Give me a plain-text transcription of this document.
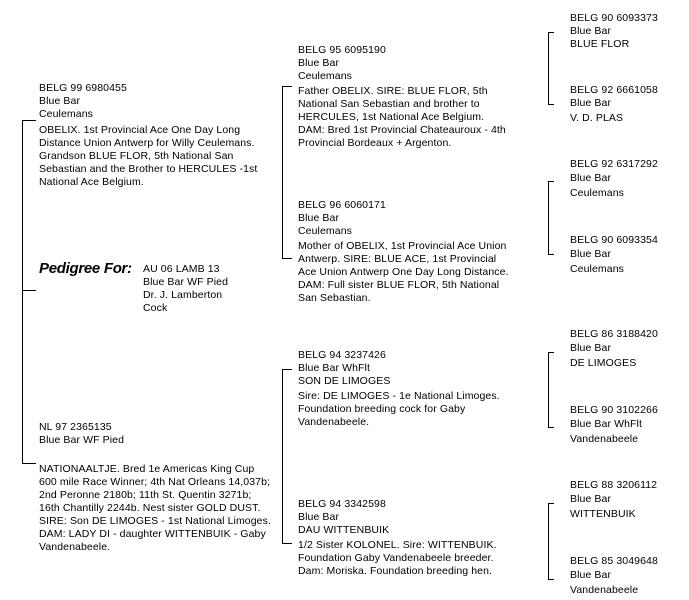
Pedigree For: AU 06 LAMB 13
Blue Bar WF Pied
Dr. J. Lamberton
Cock
BELG 99 6980455
Blue Bar
Ceulemans
OBELIX. 1st Provincial Ace One Day Long
Distance Union Antwerp for Willy Ceulemans.
Grandson BLUE FLOR, 5th National San
Sebastian and the Brother to HERCULES -1st
National Ace Belgium.
NL 97 2365135
Blue Bar WF Pied
NATIONAALTJE. Bred 1e Americas King Cup
600 mile Race Winner; 4th Nat Orleans 14,037b;
2nd Peronne 2180b; 11th St. Quentin 3271b;
16th Chantilly 2244b. Nest sister GOLD DUST.
SIRE: Son DE LIMOGES - 1st National Limoges.
DAM: LADY DI - daughter WITTENBUIK - Gaby
Vandenabeele.
BELG 95 6095190
Blue Bar
Ceulemans
Father OBELIX. SIRE: BLUE FLOR, 5th
National San Sebastian and brother to
HERCULES, 1st National Ace Belgium.
DAM: Bred 1st Provincial Chateauroux - 4th
Provincial Bordeaux + Argenton.
BELG 96 6060171
Blue Bar
Ceulemans
Mother of OBELIX, 1st Provincial Ace Union
Antwerp. SIRE: BLUE ACE, 1st Provincial
Ace Union Antwerp One Day Long Distance.
DAM: Full sister BLUE FLOR, 5th National
San Sebastian.
BELG 94 3237426
Blue Bar WhFlt
SON DE LIMOGES
Sire: DE LIMOGES - 1e National Limoges.
Foundation breeding cock for Gaby
Vandenabeele.
BELG 94 3342598
Blue Bar
DAU WITTENBUIK
1/2 Sister KOLONEL. Sire: WITTENBUIK.
Foundation Gaby Vandenabeele breeder.
Dam: Moriska. Foundation breeding hen.
BELG 90 6093373
Blue Bar
BLUE FLOR
BELG 92 6661058
Blue Bar
V. D. PLAS
BELG 92 6317292
Blue Bar
Ceulemans
BELG 90 6093354
Blue Bar
Ceulemans
BELG 86 3188420
Blue Bar
DE LIMOGES
BELG 90 3102266
Blue Bar WhFlt
Vandenabeele
BELG 88 3206112
Blue Bar
WITTENBUIK
BELG 85 3049648
Blue Bar
Vandenabeele
